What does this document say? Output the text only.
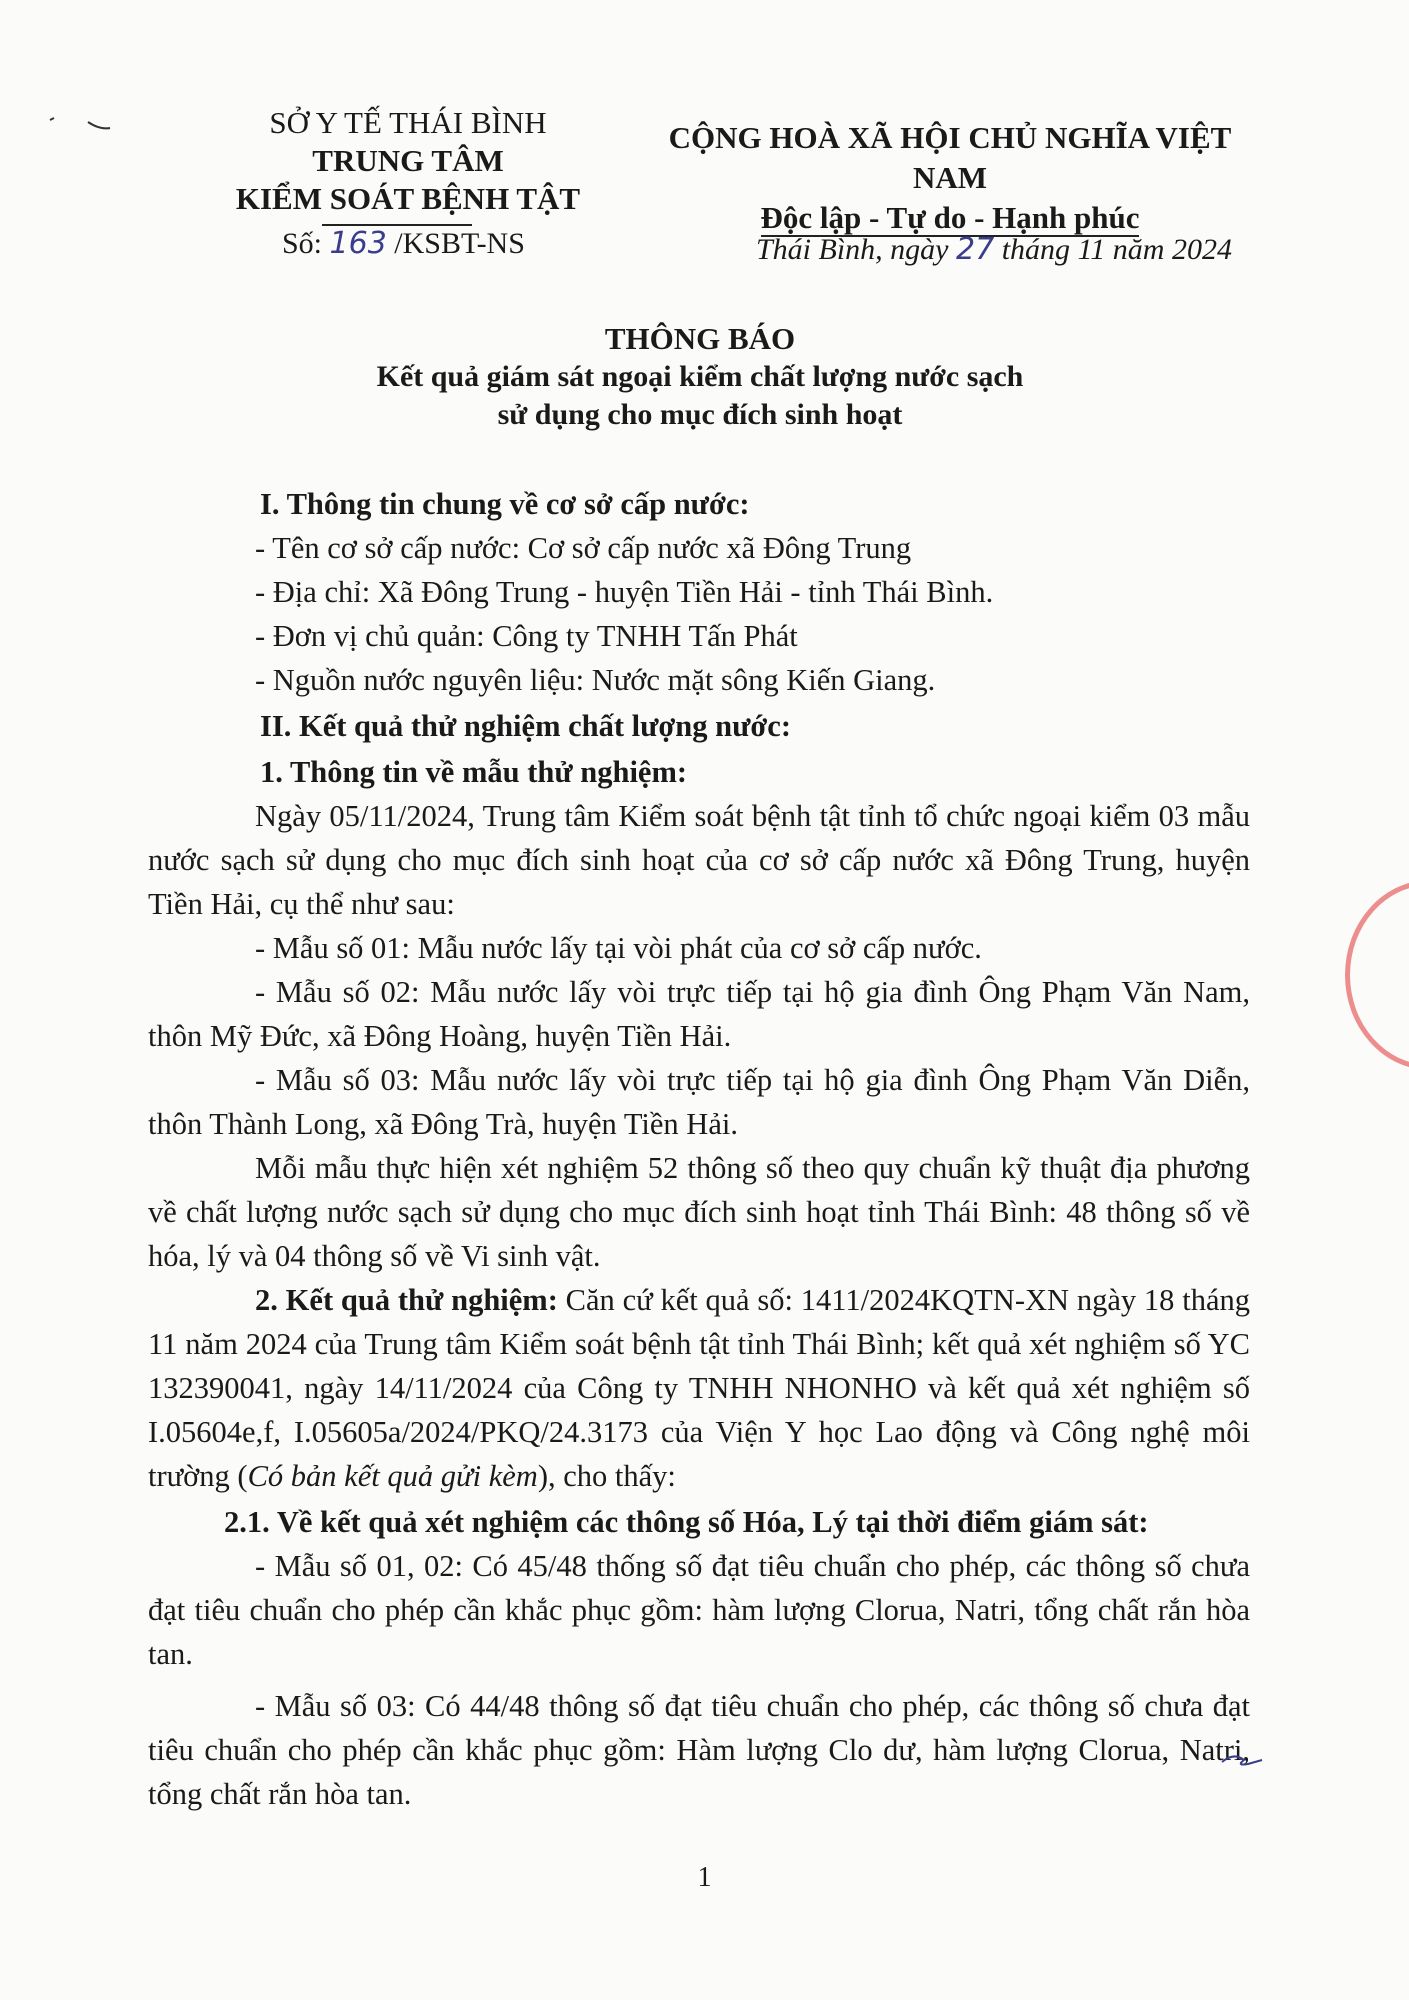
SỞ Y TẾ THÁI BÌNH
TRUNG TÂM
KIỂM SOÁT BỆNH TẬT
Số: 163 /KSBT-NS
CỘNG HOÀ XÃ HỘI CHỦ NGHĨA VIỆT NAM
Độc lập - Tự do - Hạnh phúc
Thái Bình, ngày 27 tháng 11 năm 2024
THÔNG BÁO
Kết quả giám sát ngoại kiểm chất lượng nước sạch
sử dụng cho mục đích sinh hoạt

I. Thông tin chung về cơ sở cấp nước:

- Tên cơ sở cấp nước: Cơ sở cấp nước xã Đông Trung

- Địa chỉ: Xã Đông Trung - huyện Tiền Hải - tỉnh Thái Bình.

- Đơn vị chủ quản: Công ty TNHH Tấn Phát

- Nguồn nước nguyên liệu: Nước mặt sông Kiến Giang.

II. Kết quả thử nghiệm chất lượng nước:

1. Thông tin về mẫu thử nghiệm:

Ngày 05/11/2024, Trung tâm Kiểm soát bệnh tật tỉnh tổ chức ngoại kiểm 03 mẫu nước sạch sử dụng cho mục đích sinh hoạt của cơ sở cấp nước xã Đông Trung, huyện Tiền Hải, cụ thể như sau:

- Mẫu số 01: Mẫu nước lấy tại vòi phát của cơ sở cấp nước.

- Mẫu số 02: Mẫu nước lấy vòi trực tiếp tại hộ gia đình Ông Phạm Văn Nam, thôn Mỹ Đức, xã Đông Hoàng, huyện Tiền Hải.

- Mẫu số 03: Mẫu nước lấy vòi trực tiếp tại hộ gia đình Ông Phạm Văn Diễn, thôn Thành Long, xã Đông Trà, huyện Tiền Hải.

Mỗi mẫu thực hiện xét nghiệm 52 thông số theo quy chuẩn kỹ thuật địa phương về chất lượng nước sạch sử dụng cho mục đích sinh hoạt tỉnh Thái Bình: 48 thông số về hóa, lý và 04 thông số về Vi sinh vật.

2. Kết quả thử nghiệm: Căn cứ kết quả số: 1411/2024KQTN-XN ngày 18 tháng 11 năm 2024 của Trung tâm Kiểm soát bệnh tật tỉnh Thái Bình; kết quả xét nghiệm số YC 132390041, ngày 14/11/2024 của Công ty TNHH NHONHO và kết quả xét nghiệm số I.05604e,f, I.05605a/2024/PKQ/24.3173 của Viện Y học Lao động và Công nghệ môi trường (Có bản kết quả gửi kèm), cho thấy:

2.1. Về kết quả xét nghiệm các thông số Hóa, Lý tại thời điểm giám sát:

- Mẫu số 01, 02: Có 45/48 thống số đạt tiêu chuẩn cho phép, các thông số chưa đạt tiêu chuẩn cho phép cần khắc phục gồm: hàm lượng Clorua, Natri, tổng chất rắn hòa tan.

- Mẫu số 03: Có 44/48 thông số đạt tiêu chuẩn cho phép, các thông số chưa đạt tiêu chuẩn cho phép cần khắc phục gồm: Hàm lượng Clo dư, hàm lượng Clorua, Natri, tổng chất rắn hòa tan.

1
